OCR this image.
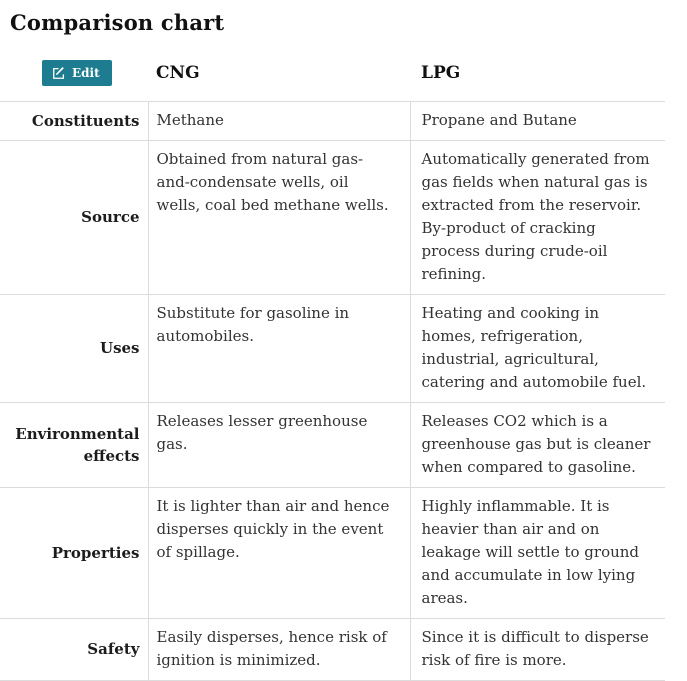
Comparison chart
Edit	CNG	LPG
Constituents	Methane	Propane and Butane
Source	Obtained from natural gas-and-condensate wells, oil wells, coal bed methane wells.	Automatically generated from gas fields when natural gas is extracted from the reservoir. By-product of cracking process during crude-oil refining.
Uses	Substitute for gasoline in automobiles.	Heating and cooking in homes, refrigeration, industrial, agricultural, catering and automobile fuel.
Environmental effects	Releases lesser greenhouse gas.	Releases CO2 which is a greenhouse gas but is cleaner when compared to gasoline.
Properties	It is lighter than air and hence disperses quickly in the event of spillage.	Highly inflammable. It is heavier than air and on leakage will settle to ground and accumulate in low lying areas.
Safety	Easily disperses, hence risk of ignition is minimized.	Since it is difficult to disperse risk of fire is more.
